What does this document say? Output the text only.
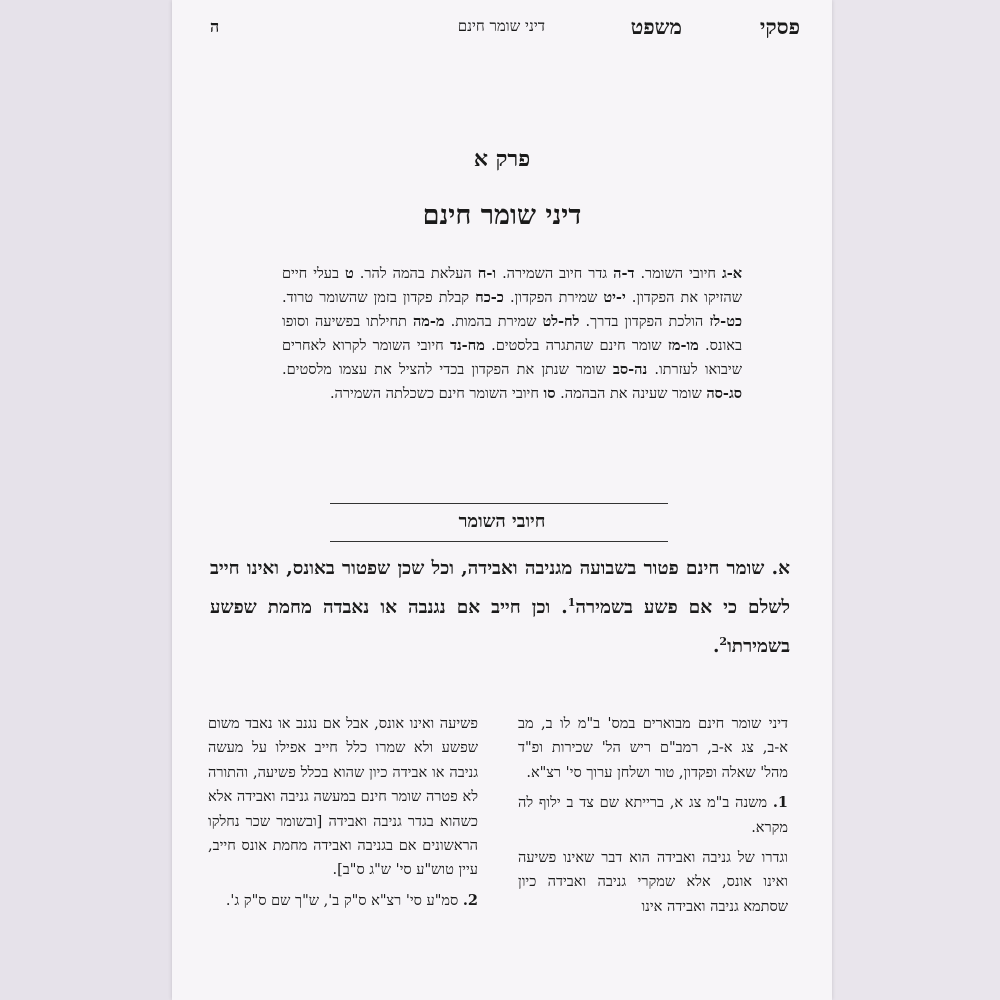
פסקי
משפט
דיני שומר חינם
ה
פרק א
דיני שומר חינם
א-ג חיובי השומר. ד-ה גדר חיוב השמירה. ו-ח העלאת בהמה להר. ט בעלי חיים שהזיקו את הפקדון. י-יט שמירת הפקדון. כ-כח קבלת פקדון בזמן שהשומר טרוד. כט-לז הולכת הפקדון בדרך. לח-לט שמירת בהמות. מ-מה תחילתו בפשיעה וסופו באונס. מו-מז שומר חינם שהתגרה בלסטים. מח-נד חיובי השומר לקרוא לאחרים שיבואו לעזרתו. נה-סב שומר שנתן את הפקדון בכדי להציל את עצמו מלסטים. סג-סה שומר שעינה את הבהמה. סו חיובי השומר חינם כשכלתה השמירה.
חיובי השומר
א. שומר חינם פטור בשבועה מגניבה ואבידה, וכל שכן שפטור באונס, ואינו חייב לשלם כי אם פשע בשמירה$^1$. וכן חייב אם נגנבה או נאבדה מחמת שפשע בשמירתו$^2$.

דיני שומר חינם מבוארים במס' ב"מ לו ב, מב א-ב, צג א-ב, רמב"ם ריש הל' שכירות ופ"ד מהל' שאלה ופקדון, טור ושלחן ערוך סי' רצ"א.

1. משנה ב"מ צג א, ברייתא שם צד ב ילוף לה מקרא.

וגדרו של גניבה ואבידה הוא דבר שאינו פשיעה ואינו אונס, אלא שמקרי גניבה ואבידה כיון שסתמא גניבה ואבידה אינו

פשיעה ואינו אונס, אבל אם נגנב או נאבד משום שפשע ולא שמרו כלל חייב אפילו על מעשה גניבה או אבידה כיון שהוא בכלל פשיעה, והתורה לא פטרה שומר חינם במעשה גניבה ואבידה אלא כשהוא בגדר גניבה ואבידה [ובשומר שכר נחלקו הראשונים אם בגניבה ואבידה מחמת אונס חייב, עיין טוש"ע סי' ש"ג ס"ב].

2. סמ"ע סי' רצ"א ס"ק ב', ש"ך שם ס"ק ג'.
